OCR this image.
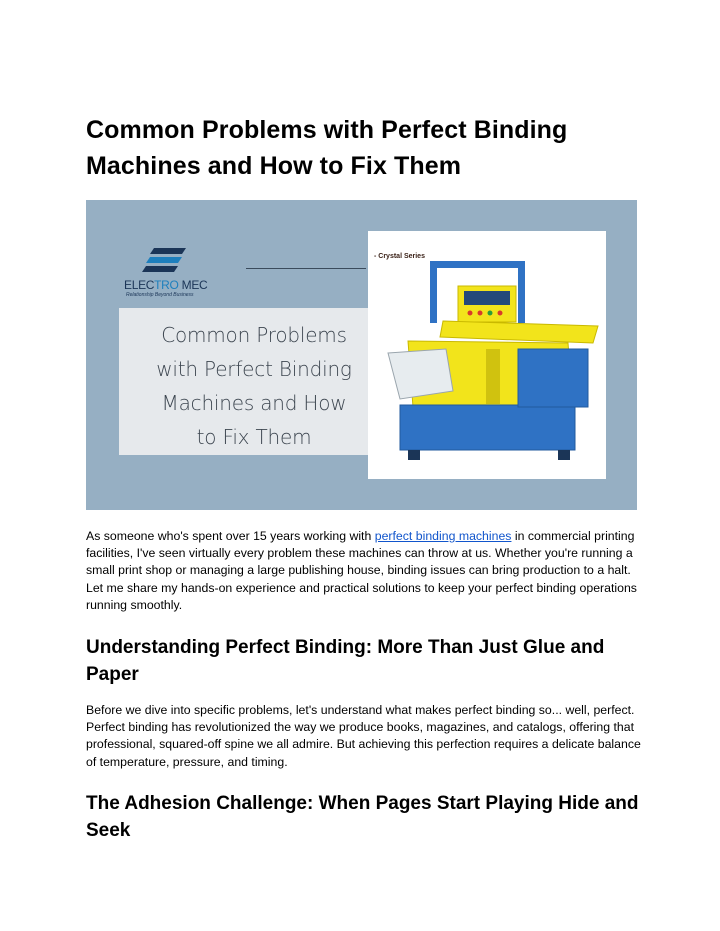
Common Problems with Perfect Binding Machines and How to Fix Them
ELECTRO MEC
Relationship Beyond Business
Common Problems
with Perfect Binding
Machines and How
to Fix Them
- Crystal Series

As someone who's spent over 15 years working with perfect binding machines in commercial printing facilities, I've seen virtually every problem these machines can throw at us. Whether you're running a small print shop or managing a large publishing house, binding issues can bring production to a halt. Let me share my hands-on experience and practical solutions to keep your perfect binding operations running smoothly.

Understanding Perfect Binding: More Than Just Glue and Paper

Before we dive into specific problems, let's understand what makes perfect binding so... well, perfect. Perfect binding has revolutionized the way we produce books, magazines, and catalogs, offering that professional, squared-off spine we all admire. But achieving this perfection requires a delicate balance of temperature, pressure, and timing.

The Adhesion Challenge: When Pages Start Playing Hide and Seek
